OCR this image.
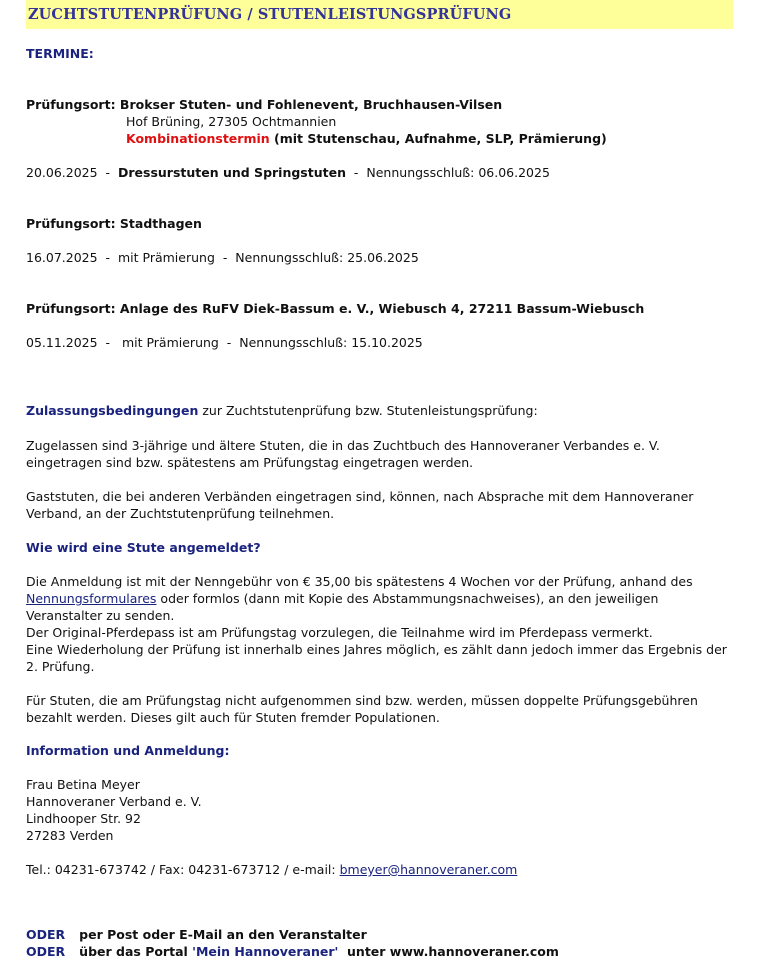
ZUCHTSTUTENPRÜFUNG / STUTENLEISTUNGSPRÜFUNG
TERMINE:
Prüfungsort: Brokser Stuten- und Fohlenevent, Bruchhausen-Vilsen
Hof Brüning, 27305 Ochtmannien
Kombinationstermin (mit Stutenschau, Aufnahme, SLP, Prämierung)
20.06.2025  -  Dressurstuten und Springstuten  -  Nennungsschluß: 06.06.2025
Prüfungsort: Stadthagen
16.07.2025  -  mit Prämierung  -  Nennungsschluß: 25.06.2025
Prüfungsort: Anlage des RuFV Diek-Bassum e. V., Wiebusch 4, 27211 Bassum-Wiebusch
05.11.2025  -   mit Prämierung  -  Nennungsschluß: 15.10.2025
Zulassungsbedingungen zur Zuchtstutenprüfung bzw. Stutenleistungsprüfung:
Zugelassen sind 3-jährige und ältere Stuten, die in das Zuchtbuch des Hannoveraner Verbandes e. V. eingetragen sind bzw. spätestens am Prüfungstag eingetragen werden.
Gaststuten, die bei anderen Verbänden eingetragen sind, können, nach Absprache mit dem Hannoveraner Verband, an der Zuchtstutenprüfung teilnehmen.
Wie wird eine Stute angemeldet?
Die Anmeldung ist mit der Nenngebühr von € 35,00 bis spätestens 4 Wochen vor der Prüfung, anhand des Nennungsformulares oder formlos (dann mit Kopie des Abstammungsnachweises), an den jeweiligen Veranstalter zu senden.
Der Original-Pferdepass ist am Prüfungstag vorzulegen, die Teilnahme wird im Pferdepass vermerkt.
Eine Wiederholung der Prüfung ist innerhalb eines Jahres möglich, es zählt dann jedoch immer das Ergebnis der 2. Prüfung.
Für Stuten, die am Prüfungstag nicht aufgenommen sind bzw. werden, müssen doppelte Prüfungsgebühren bezahlt werden. Dieses gilt auch für Stuten fremder Populationen.
Information und Anmeldung:
Frau Betina Meyer
Hannoveraner Verband e. V.
Lindhooper Str. 92
27283 Verden
Tel.: 04231-673742 / Fax: 04231-673712 / e-mail: bmeyer@hannoveraner.com
ODER per Post oder E-Mail an den Veranstalter
ODER über das Portal 'Mein Hannoveraner'  unter www.hannoveraner.com
